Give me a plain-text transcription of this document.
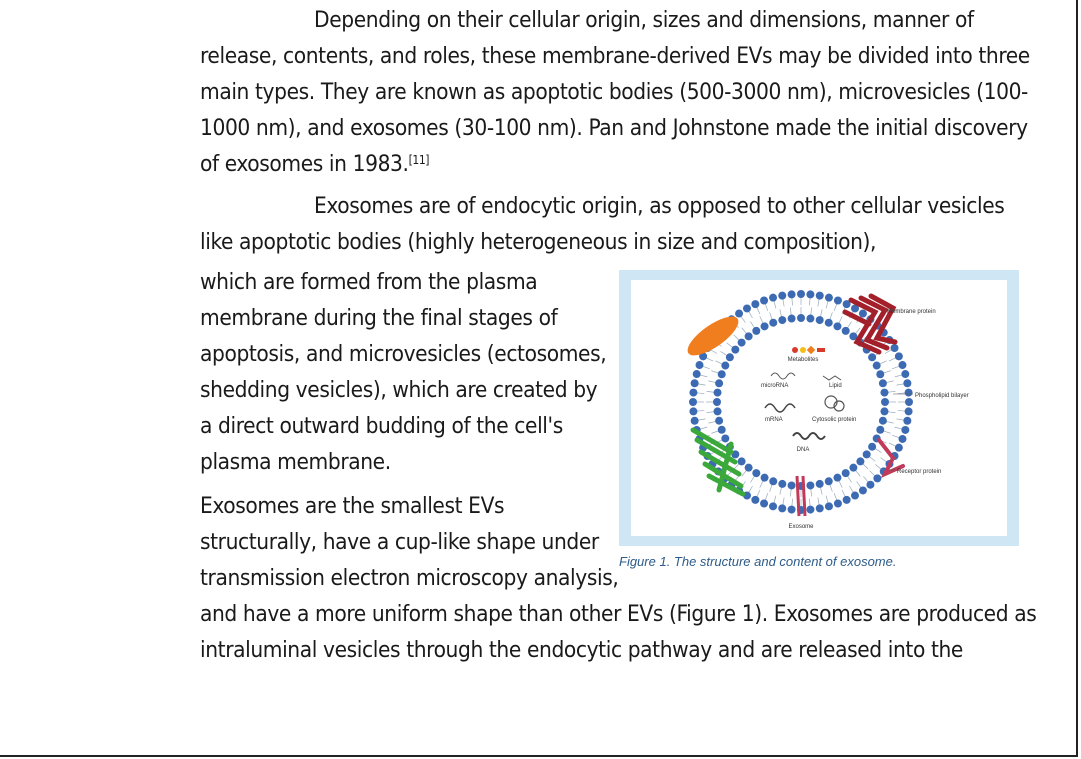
Depending on their cellular origin, sizes and dimensions, manner of

release, contents, and roles, these membrane-derived EVs may be divided into three

main types. They are known as apoptotic bodies (500-3000 nm), microvesicles (100-

1000 nm), and exosomes (30-100 nm). Pan and Johnstone made the initial discovery

of exosomes in 1983.[11]

Exosomes are of endocytic origin, as opposed to other cellular vesicles

like apoptotic bodies (highly heterogeneous in size and composition),

which are formed from the plasma

membrane during the final stages of

apoptosis, and microvesicles (ectosomes,

shedding vesicles), which are created by

a direct outward budding of the cell's

plasma membrane.

Exosomes are the smallest EVs

structurally, have a cup-like shape under

transmission electron microscopy analysis,

and have a more uniform shape than other EVs (Figure 1). Exosomes are produced as

intraluminal vesicles through the endocytic pathway and are released into the

Metabolites
microRNA	Lipid
mRNA	Cytosolic protein
DNA
Membrane protein
Phospholipid bilayer
Receptor protein
Exosome

Figure 1. The structure and content of exosome.
